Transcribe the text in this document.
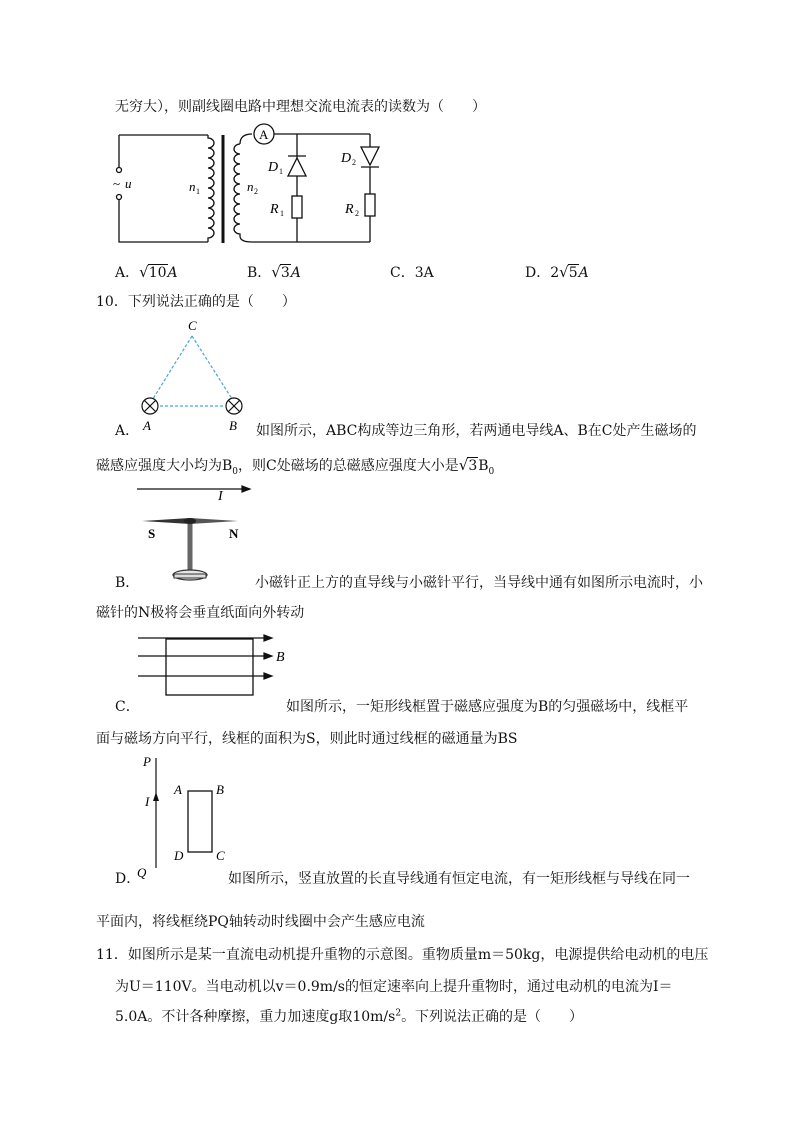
无穷大），则副线圈电路中理想交流电流表的读数为（　　）
A
~ u	n 1	n 2
D 1
D 2
R 1	R 2
A．√10A	B．√3A	C．3A	D．2√5A
10．下列说法正确的是（　　）
C
A	B
A．	如图所示，ABC构成等边三角形，若两通电导线A、B在C处产生磁场的
磁感应强度大小均为$B_0$，则C处磁场的总磁感应强度大小是$√3B_0$
I
S	N
B．	小磁针正上方的直导线与小磁针平行，当导线中通有如图所示电流时，小
磁针的N极将会垂直纸面向外转动
B
C．	如图所示，一矩形线框置于磁感应强度为B的匀强磁场中，线框平
面与磁场方向平行，线框的面积为S，则此时通过线框的磁通量为BS
P
I
Q
A	B
C
D
D．	如图所示，竖直放置的长直导线通有恒定电流，有一矩形线框与导线在同一
平面内，将线框绕PQ轴转动时线圈中会产生感应电流
11．如图所示是某一直流电动机提升重物的示意图。重物质量m＝50kg，电源提供给电动机的电压
为U＝110V。当电动机以v＝0.9m/s的恒定速率向上提升重物时，通过电动机的电流为I＝
5.0A。不计各种摩擦，重力加速度g取$10m/s^2$。下列说法正确的是（　　）
